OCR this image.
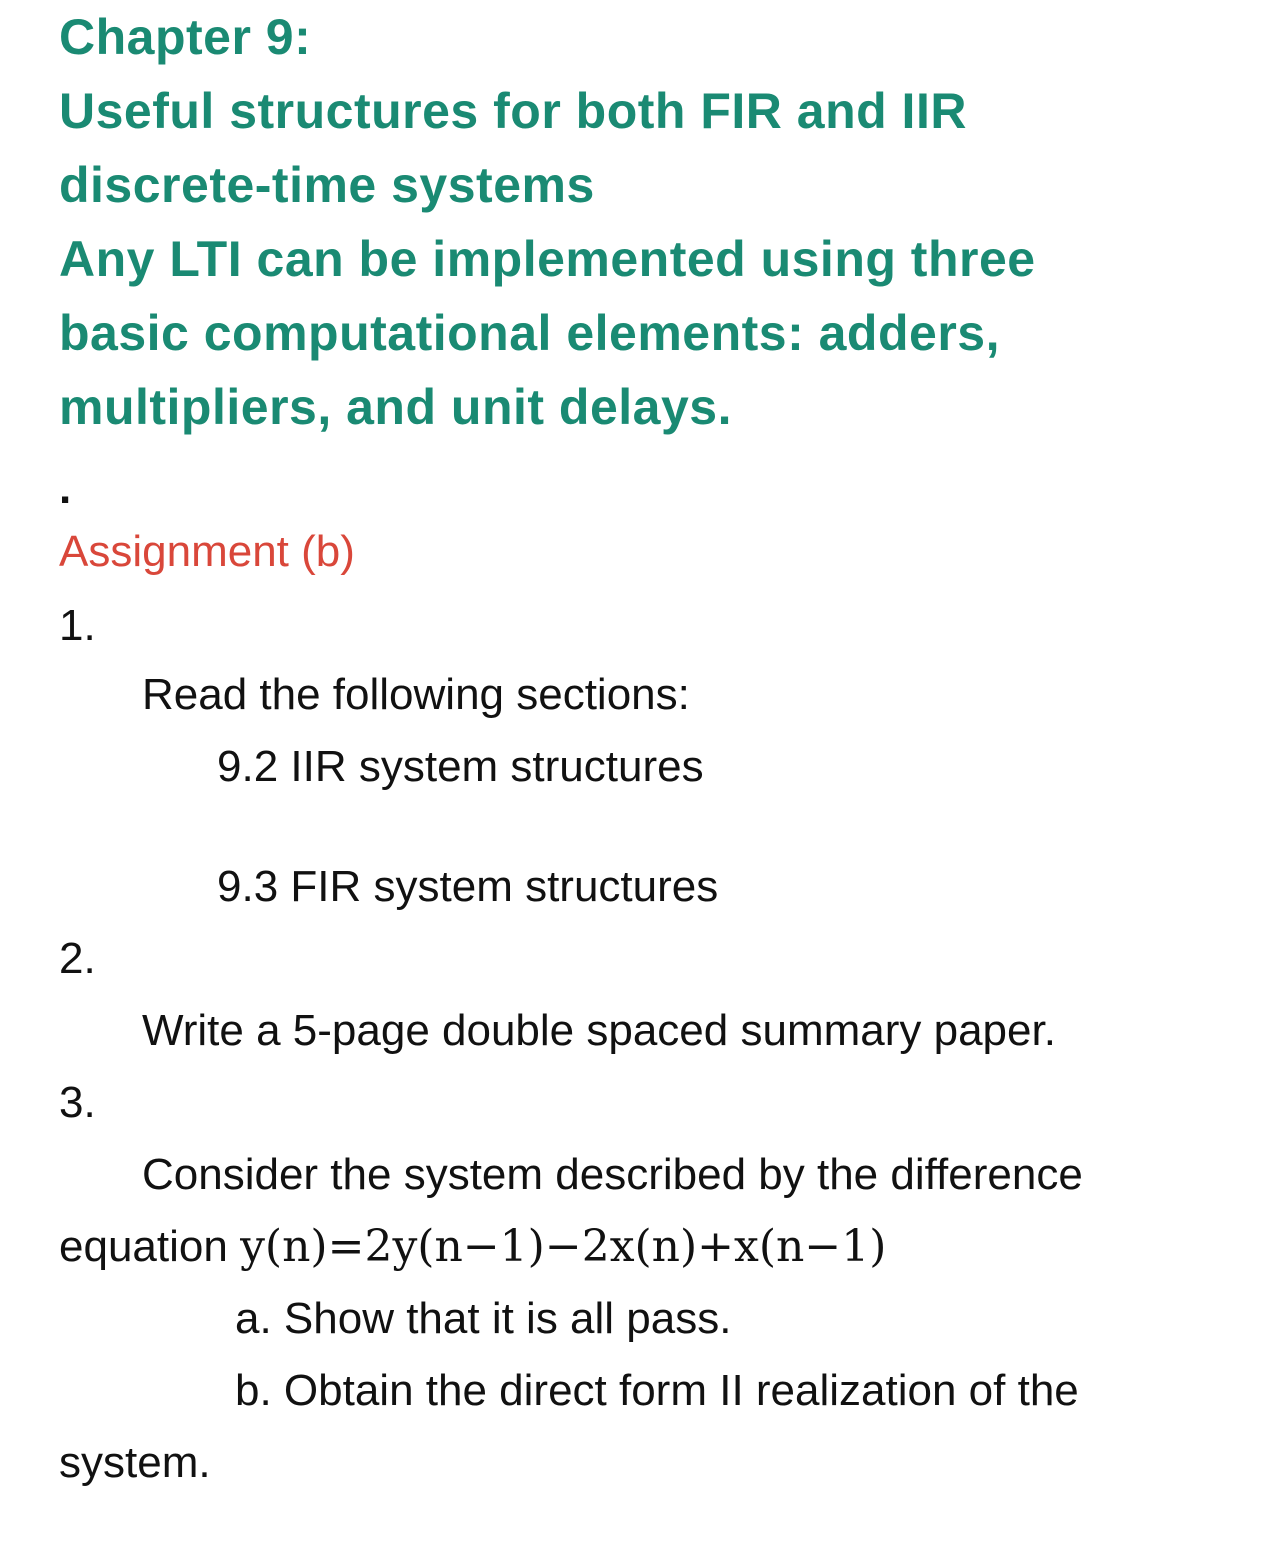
Chapter 9:
Useful structures for both FIR and IIR
discrete-time systems
Any LTI can be implemented using three
basic computational elements: adders,
multipliers, and unit delays.
.
Assignment (b)
1.
Read the following sections:
9.2 IIR system structures
9.3 FIR system structures
2.
Write a 5-page double spaced summary paper.
3.
Consider the system described by the difference
equation y(n)=2y(n−1)−2x(n)+x(n−1)
a. Show that it is all pass.
b. Obtain the direct form II realization of the
system.
